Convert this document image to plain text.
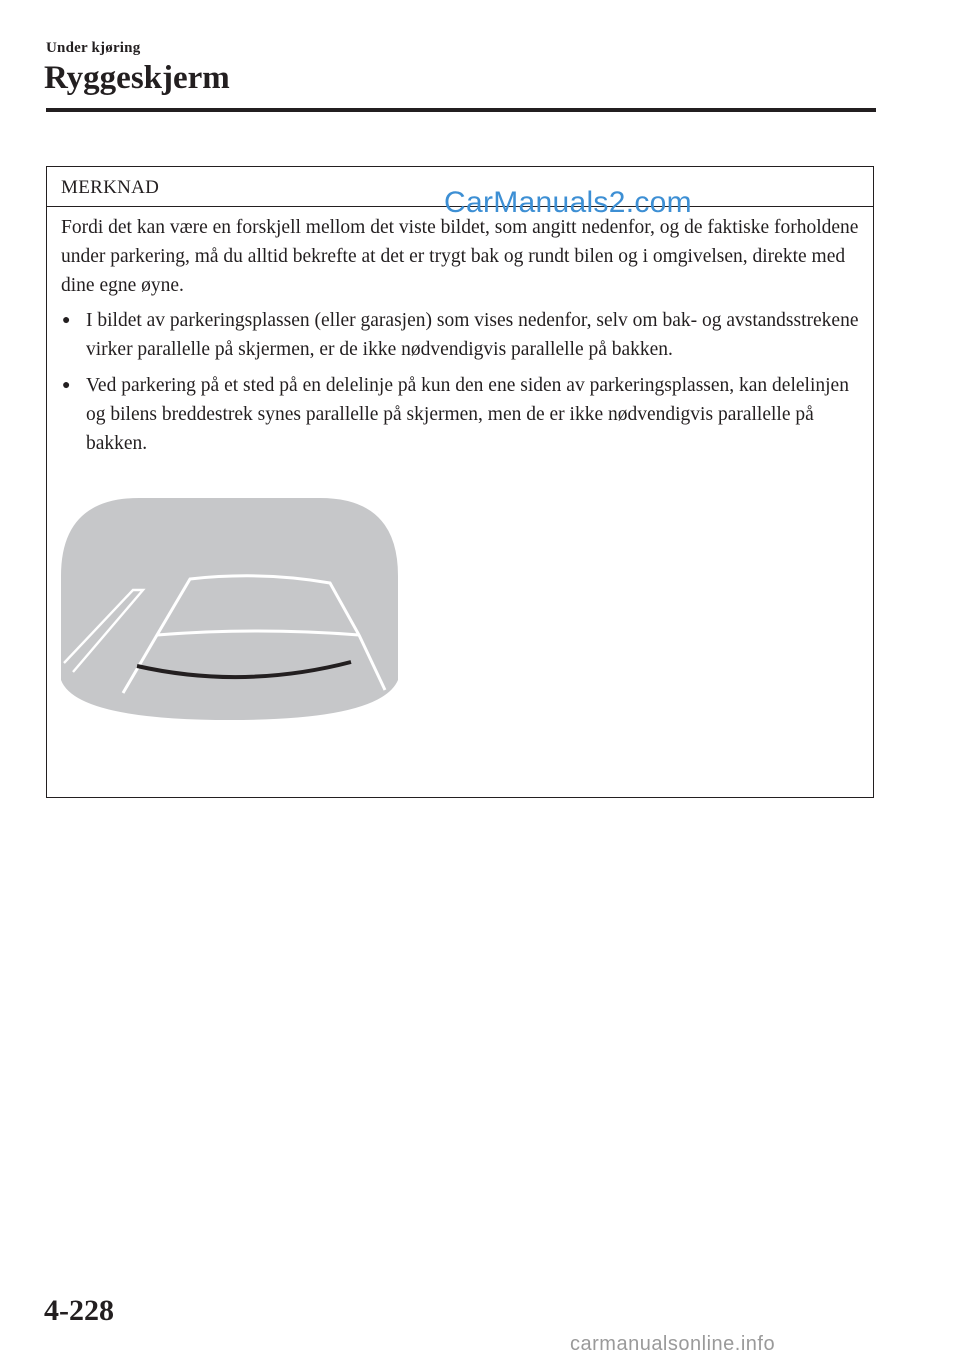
Under kjøring
Ryggeskjerm
MERKNAD

Fordi det kan være en forskjell mellom det viste bildet, som angitt nedenfor, og de faktiske forholdene under parkering, må du alltid bekrefte at det er trygt bak og rundt bilen og i omgivelsen, direkte med dine egne øyne.

● I bildet av parkeringsplassen (eller garasjen) som vises nedenfor, selv om bak- og avstandsstrekene virker parallelle på skjermen, er de ikke nødvendigvis parallelle på bakken.
● Ved parkering på et sted på en delelinje på kun den ene siden av parkeringsplassen, kan delelinjen og bilens breddestrek synes parallelle på skjermen, men de er ikke nødvendigvis parallelle på bakken.
Kontroller at det er trygt i området rundt bilen
CarManuals2.com
4-228
carmanualsonline.info
